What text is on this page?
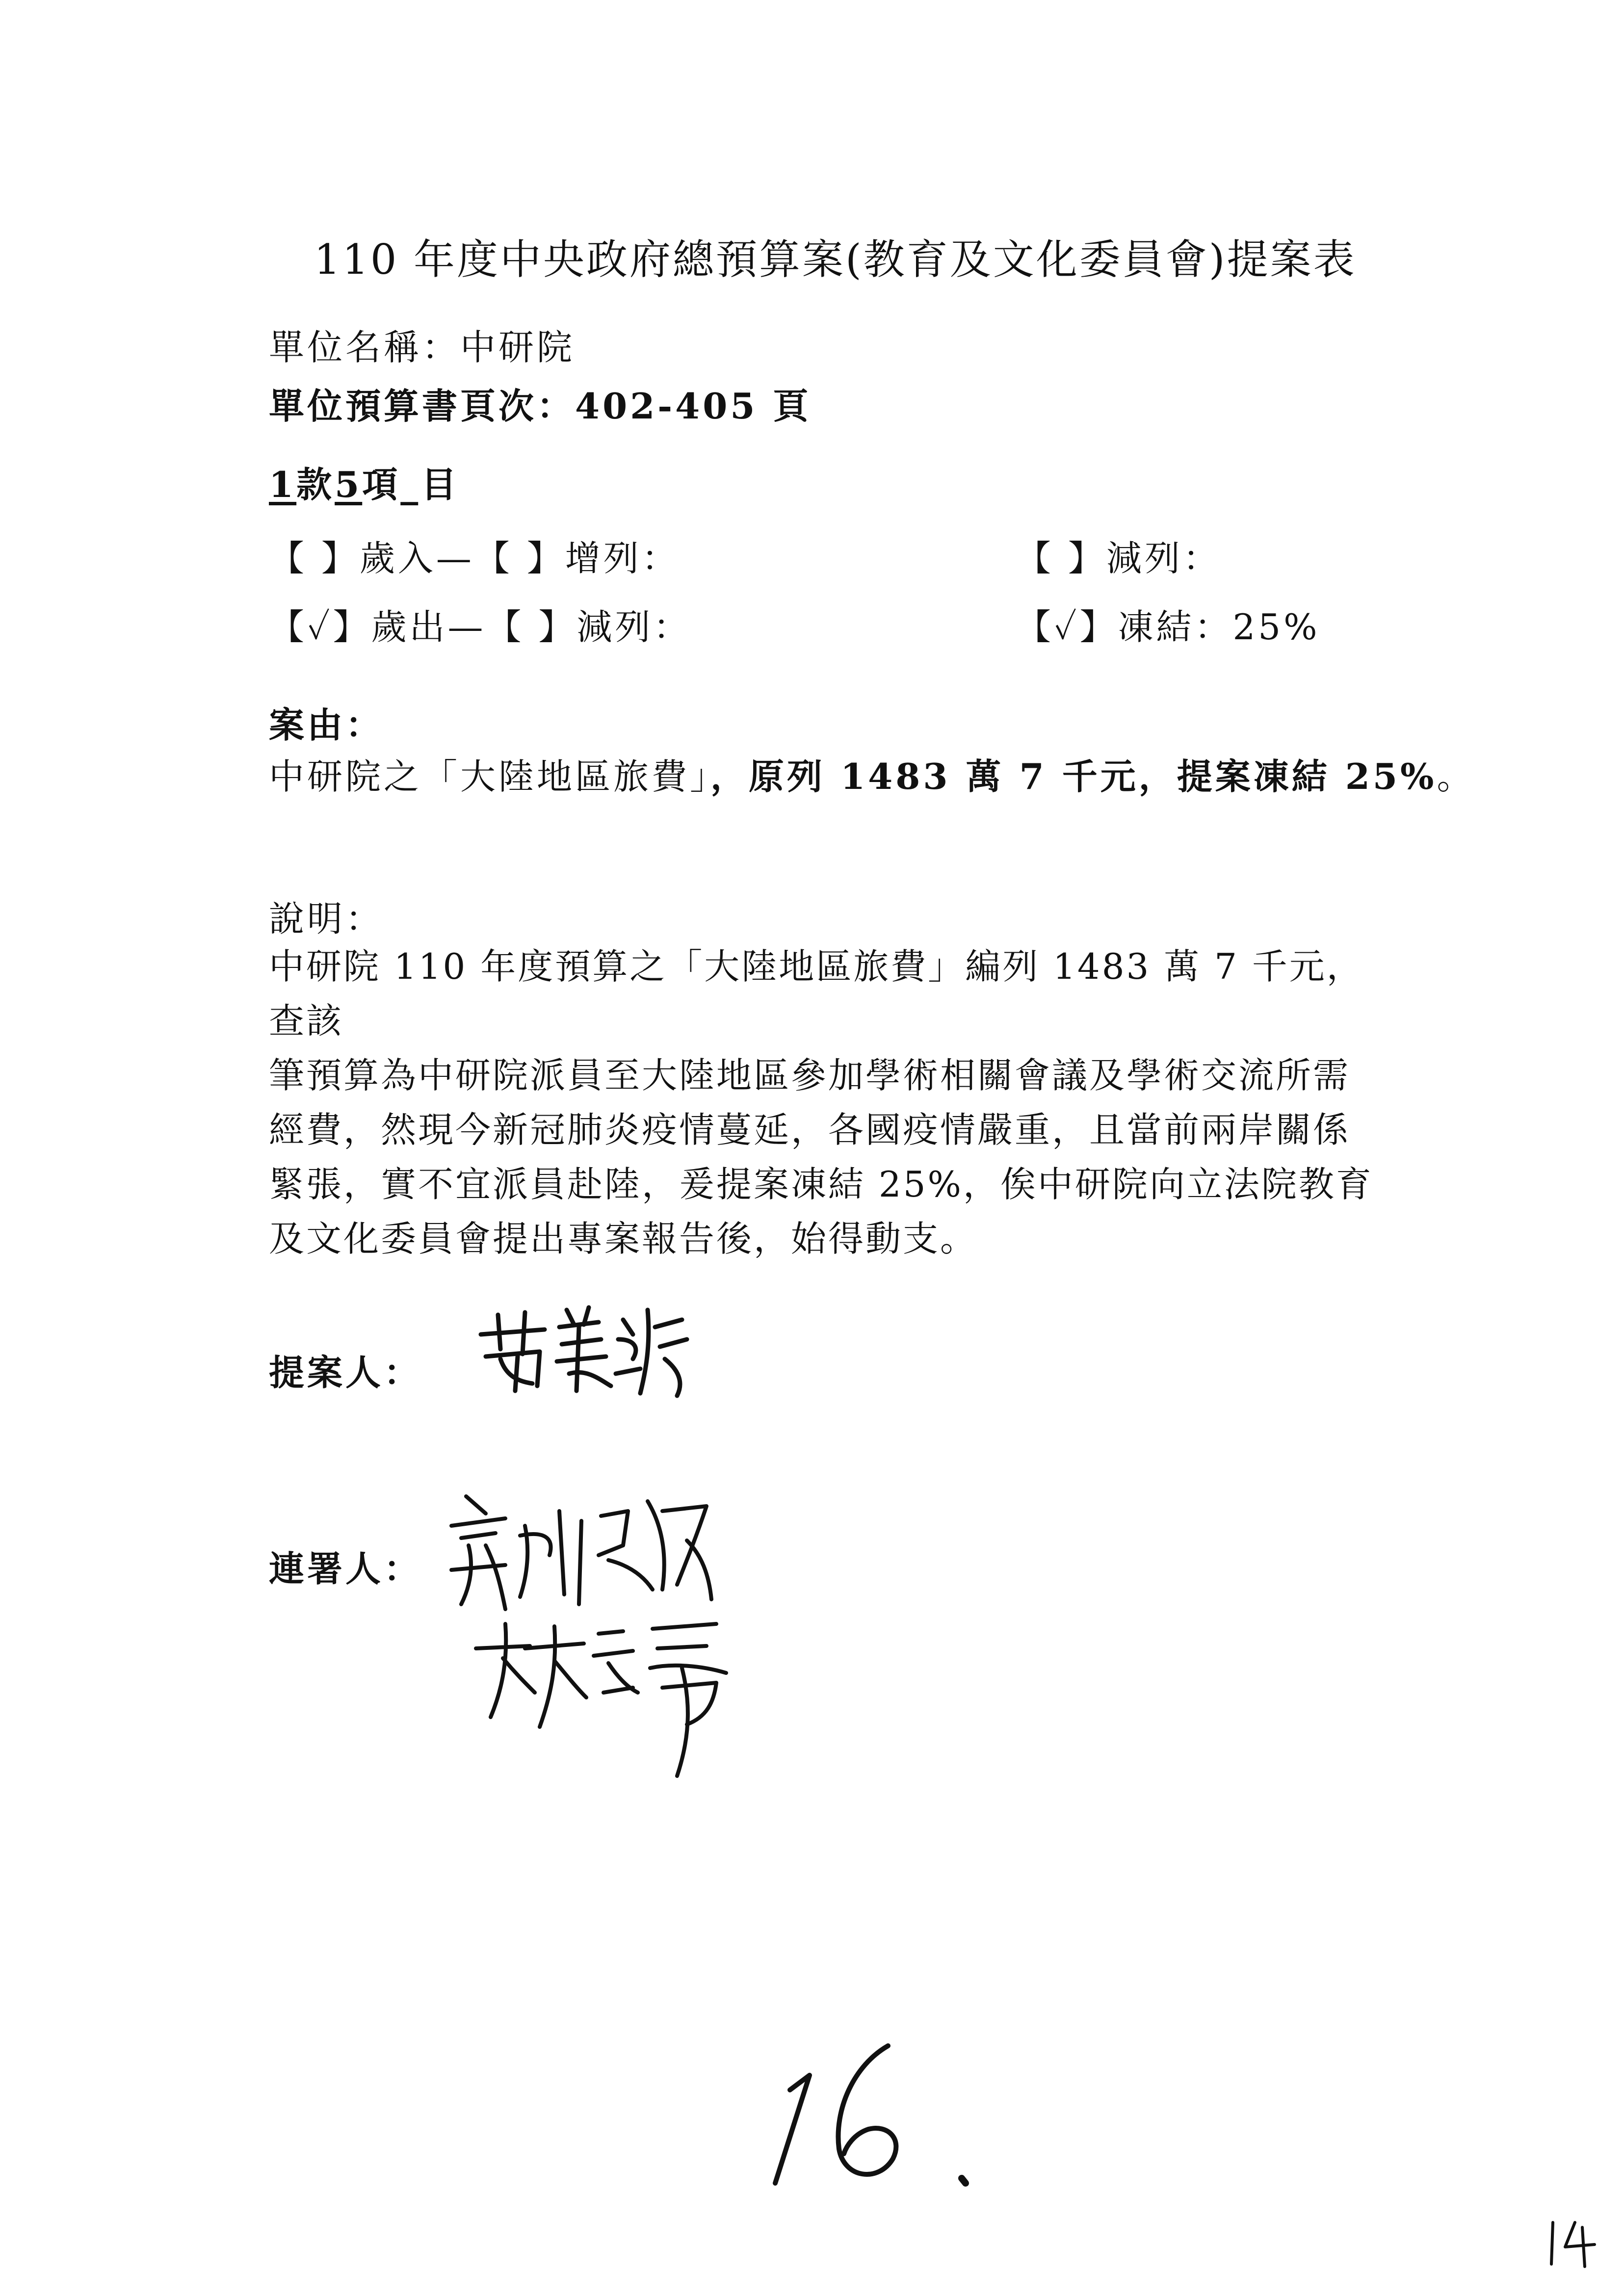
110 年度中央政府總預算案(教育及文化委員會)提案表
單位名稱：中研院
單位預算書頁次：402-405 頁
1款5項_目
【 】歲入—【 】增列：	【 】減列：
【✓】歲出—【 】減列：	【✓】凍結：25%
案由：
中研院之「大陸地區旅費」，原列 1483 萬 7 千元，提案凍結 25%。
說明：

中研院 110 年度預算之「大陸地區旅費」編列 1483 萬 7 千元，查該

筆預算為中研院派員至大陸地區參加學術相關會議及學術交流所需

經費，然現今新冠肺炎疫情蔓延，各國疫情嚴重，且當前兩岸關係

緊張，實不宜派員赴陸，爰提案凍結 25%，俟中研院向立法院教育

及文化委員會提出專案報告後，始得動支。

提案人：
連署人：
